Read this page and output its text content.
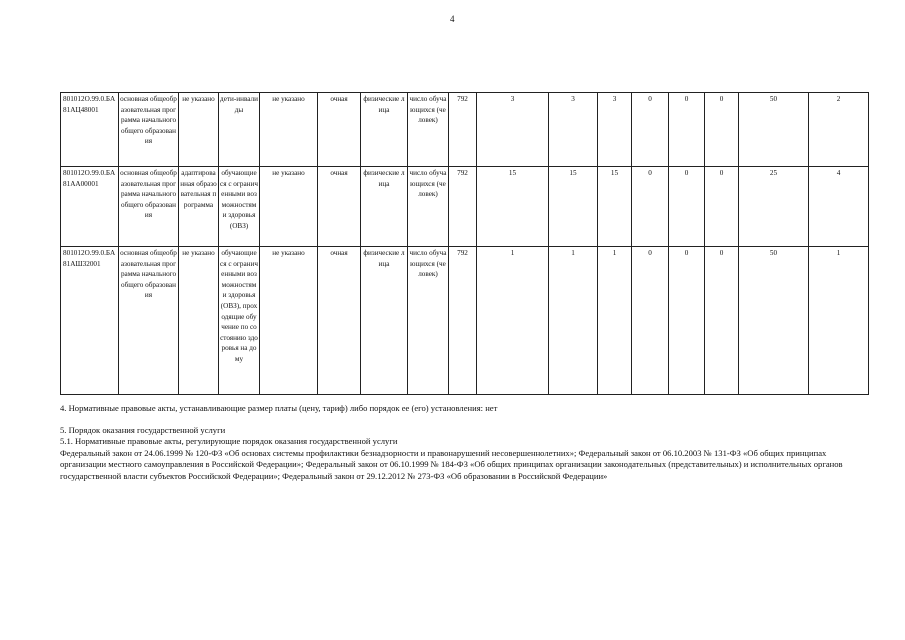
4
801012О.99.0.БА81АЦ48001	основная общеобразовательная программа начального общего образования	не указано	дети-инвалиды	не указано	очная	физические лица	число обучающихся (человек)	792	3	3	3	0	0	0	50	2
801012О.99.0.БА81АА00001	основная общеобразовательная программа начального общего образования	адаптированная образовательная программа	обучающиеся с ограниченными возможностями здоровья (ОВЗ)	не указано	очная	физические лица	число обучающихся (человек)	792	15	15	15	0	0	0	25	4
801012О.99.0.БА81АШ32001	основная общеобразовательная программа начального общего образования	не указано	обучающиеся с ограниченными возможностями здоровья (ОВЗ), проходящие обучение по состоянию здоровья на дому	не указано	очная	физические лица	число обучающихся (человек)	792	1	1	1	0	0	0	50	1

4. Нормативные правовые акты, устанавливающие размер платы (цену, тариф) либо порядок ее (его) установления: нет

5. Порядок оказания государственной услуги

5.1. Нормативные правовые акты, регулирующие порядок оказания государственной услуги

Федеральный закон от 24.06.1999 № 120-ФЗ «Об основах системы профилактики безнадзорности и правонарушений несовершеннолетних»; Федеральный закон от 06.10.2003 № 131-ФЗ «Об общих принципах организации местного самоуправления в Российской Федерации»; Федеральный закон от 06.10.1999 № 184-ФЗ «Об общих принципах организации законодательных (представительных) и исполнительных органов государственной власти субъектов Российской Федерации»; Федеральный закон от 29.12.2012 № 273-ФЗ «Об образовании в Российской Федерации»
